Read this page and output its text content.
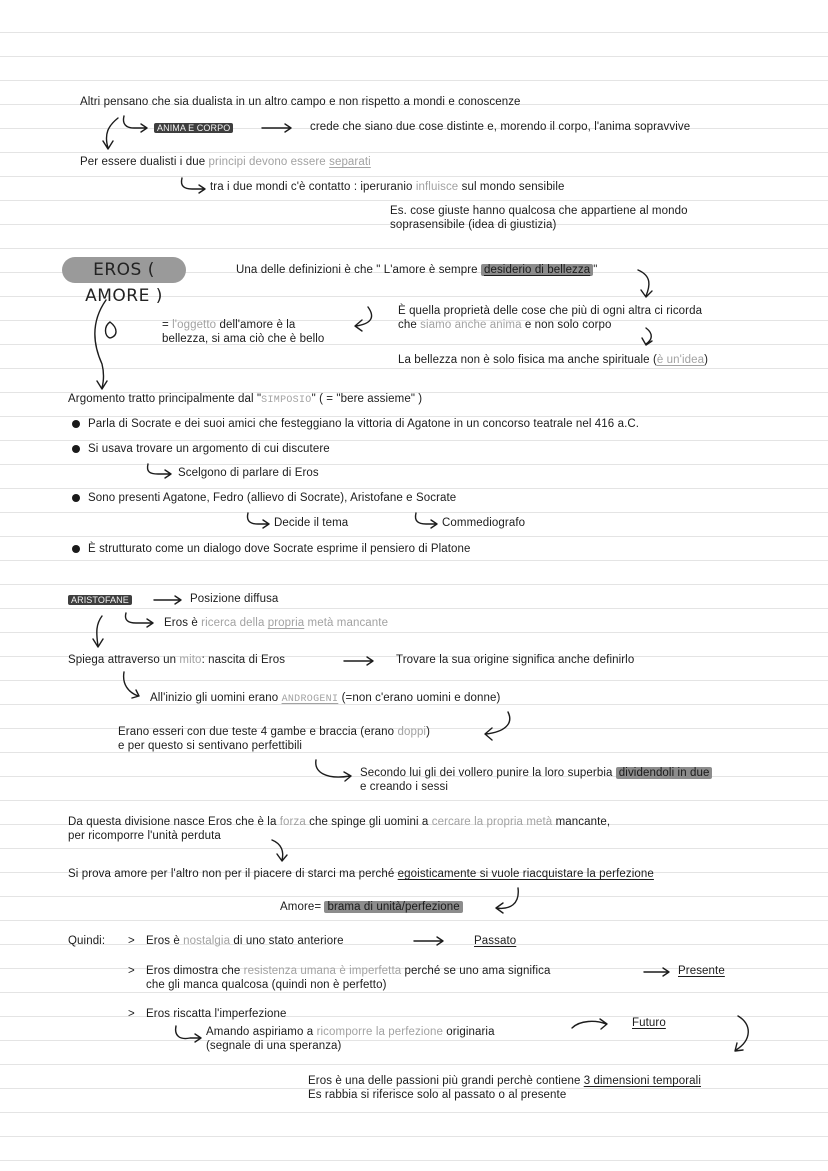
Altri pensano che sia dualista in un altro campo e non rispetto a mondi e conoscenze
ANIMA E CORPO	crede che siano due cose distinte e, morendo il corpo, l'anima sopravvive
Per essere dualisti i due principi devono essere separati
tra i due mondi c'è contatto : iperuranio influisce sul mondo sensibile
Es. cose giuste hanno qualcosa che appartiene al mondo
soprasensibile (idea di giustizia)
EROS ( AMORE )
Una delle definizioni è che " L'amore è sempre desiderio di bellezza "
È quella proprietà delle cose che più di ogni altra ci ricorda
che siamo anche anima e non solo corpo
= l'oggetto dell'amore è la
bellezza, si ama ciò che è bello
La bellezza non è solo fisica ma anche spirituale (è un'idea)
Argomento tratto principalmente dal "SIMPOSIO" ( = "bere assieme" )
Parla di Socrate e dei suoi amici che festeggiano la vittoria di Agatone in un concorso teatrale nel 416 a.C.
Si usava trovare un argomento di cui discutere
Scelgono di parlare di Eros
Sono presenti Agatone, Fedro (allievo di Socrate), Aristofane e Socrate
Decide il tema	Commediografo
È strutturato come un dialogo dove Socrate esprime il pensiero di Platone
ARISTOFANE	Posizione diffusa
Eros è ricerca della propria metà mancante
Spiega attraverso un mito: nascita di Eros	Trovare la sua origine significa anche definirlo
All'inizio gli uomini erano ANDROGENI (=non c'erano uomini e donne)
Erano esseri con due teste 4 gambe e braccia (erano doppi)
e per questo si sentivano perfettibili
Secondo lui gli dei vollero punire la loro superbia dividendoli in due
e creando i sessi
Da questa divisione nasce Eros che è la forza che spinge gli uomini a cercare la propria metà mancante,
per ricomporre l'unità perduta
Si prova amore per l'altro non per il piacere di starci ma perché egoisticamente si vuole riacquistare la perfezione
Amore= brama di unità/perfezione
Quindi: > Eros è nostalgia di uno stato anteriore	Passato
> Eros dimostra che resistenza umana è imperfetta perché se uno ama significa	Presente
che gli manca qualcosa (quindi non è perfetto)
> Eros riscatta l'imperfezione
Amando aspiriamo a ricomporre la perfezione originaria
(segnale di una speranza)
Futuro
Eros è una delle passioni più grandi perchè contiene 3 dimensioni temporali
Es rabbia si riferisce solo al passato o al presente
